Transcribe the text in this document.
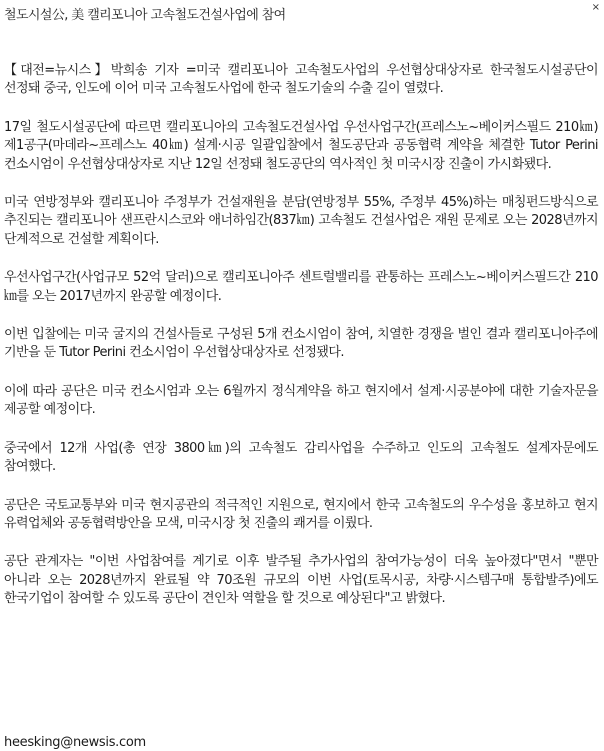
철도시설公, 美 캘리포니아 고속철도건설사업에 참여
×

【대전=뉴시스】박희송 기자 =미국 캘리포니아 고속철도사업의 우선협상대상자로 한국철도시설공단이 선정돼 중국, 인도에 이어 미국 고속철도사업에 한국 철도기술의 수출 길이 열렸다.

17일 철도시설공단에 따르면 캘리포니아의 고속철도건설사업 우선사업구간(프레스노~베이커스필드 210㎞) 제1공구(마데라~프레스노 40㎞) 설계·시공 일괄입찰에서 철도공단과 공동협력 계약을 체결한 Tutor Perini 컨소시엄이 우선협상대상자로 지난 12일 선정돼 철도공단의 역사적인 첫 미국시장 진출이 가시화됐다.

미국 연방정부와 캘리포니아 주정부가 건설재원을 분담(연방정부 55%, 주정부 45%)하는 매칭펀드방식으로 추진되는 캘리포니아 샌프란시스코와 애너하임간(837㎞) 고속철도 건설사업은 재원 문제로 오는 2028년까지 단계적으로 건설할 계획이다.

우선사업구간(사업규모 52억 달러)으로 캘리포니아주 센트럴밸리를 관통하는 프레스노~베이커스필드간 210㎞를 오는 2017년까지 완공할 예정이다.

이번 입찰에는 미국 굴지의 건설사들로 구성된 5개 컨소시엄이 참여, 치열한 경쟁을 벌인 결과 캘리포니아주에 기반을 둔 Tutor Perini 컨소시엄이 우선협상대상자로 선정됐다.

이에 따라 공단은 미국 컨소시엄과 오는 6월까지 정식계약을 하고 현지에서 설계·시공분야에 대한 기술자문을 제공할 예정이다.

중국에서 12개 사업(총 연장 3800㎞)의 고속철도 감리사업을 수주하고 인도의 고속철도 설계자문에도 참여했다.

공단은 국토교통부와 미국 현지공관의 적극적인 지원으로, 현지에서 한국 고속철도의 우수성을 홍보하고 현지 유력업체와 공동협력방안을 모색, 미국시장 첫 진출의 쾌거를 이뤘다.

공단 관계자는 "이번 사업참여를 계기로 이후 발주될 추가사업의 참여가능성이 더욱 높아졌다"면서 "뿐만 아니라 오는 2028년까지 완료될 약 70조원 규모의 이번 사업(토목시공, 차량·시스템구매 통합발주)에도 한국기업이 참여할 수 있도록 공단이 견인차 역할을 할 것으로 예상된다"고 밝혔다.

heesking@newsis.com
